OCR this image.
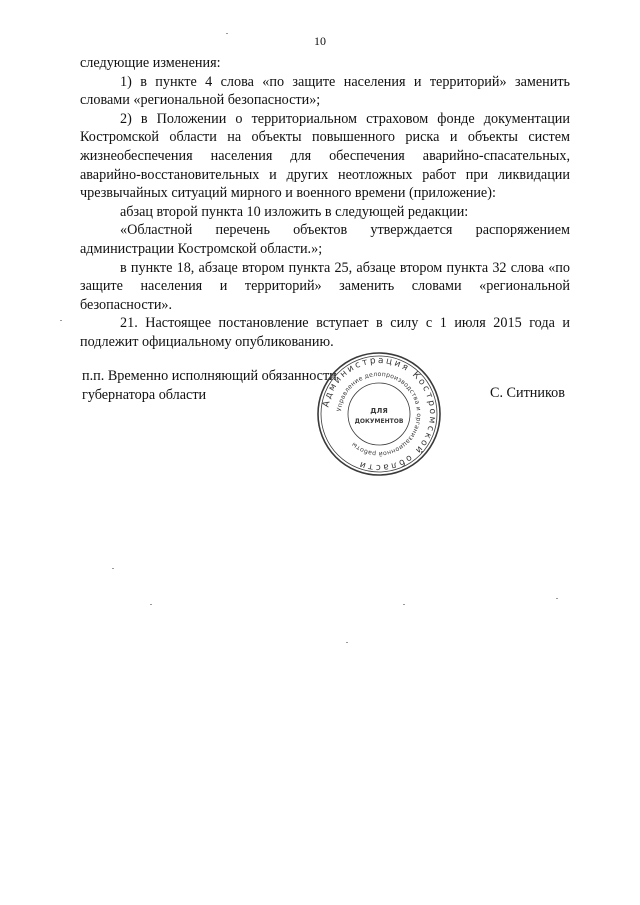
10

следующие изменения:

1) в пункте 4 слова «по защите населения и территорий» заменить словами «региональной безопасности»;

2) в Положении о территориальном страховом фонде документации Костромской области на объекты повышенного риска и объекты систем жизнеобеспечения населения для обеспечения аварийно-спасательных, аварийно-восстановительных и других неотложных работ при ликвидации чрезвычайных ситуаций мирного и военного времени (приложение):

абзац второй пункта 10 изложить в следующей редакции:

«Областной перечень объектов утверждается распоряжением администрации Костромской области.»;

в пункте 18, абзаце втором пункта 25, абзаце втором пункта 32 слова «по защите населения и территорий» заменить словами «региональной безопасности».

21. Настоящее постановление вступает в силу с 1 июля 2015 года и подлежит официальному опубликованию.

п.п. Временно исполняющий обязанности
губернатора области	С. Ситников
Администрация Костромской области
Управление делопроизводства и организационной работы
ДЛЯ
ДОКУМЕНТОВ
